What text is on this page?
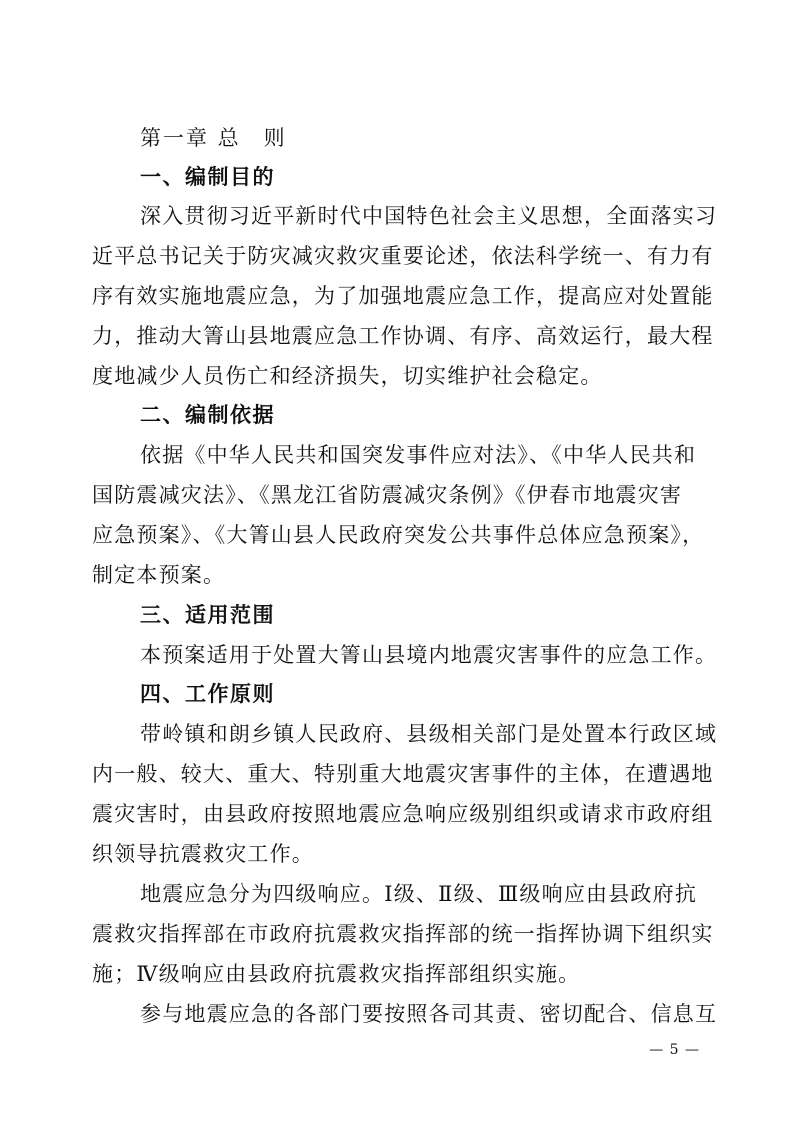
第一章 总　则
一、编制目的
深入贯彻习近平新时代中国特色社会主义思想，全面落实习
近平总书记关于防灾减灾救灾重要论述，依法科学统一、有力有
序有效实施地震应急，为了加强地震应急工作，提高应对处置能
力，推动大箐山县地震应急工作协调、有序、高效运行，最大程
度地减少人员伤亡和经济损失，切实维护社会稳定。
二、编制依据
依据《中华人民共和国突发事件应对法》、《中华人民共和
国防震减灾法》、《黑龙江省防震减灾条例》《伊春市地震灾害
应急预案》、《大箐山县人民政府突发公共事件总体应急预案》，
制定本预案。
三、适用范围
本预案适用于处置大箐山县境内地震灾害事件的应急工作。
四、工作原则
带岭镇和朗乡镇人民政府、县级相关部门是处置本行政区域
内一般、较大、重大、特别重大地震灾害事件的主体，在遭遇地
震灾害时，由县政府按照地震应急响应级别组织或请求市政府组
织领导抗震救灾工作。
地震应急分为四级响应。Ⅰ级、Ⅱ级、Ⅲ级响应由县政府抗
震救灾指挥部在市政府抗震救灾指挥部的统一指挥协调下组织实
施；Ⅳ级响应由县政府抗震救灾指挥部组织实施。
参与地震应急的各部门要按照各司其责、密切配合、信息互
— 5 —
